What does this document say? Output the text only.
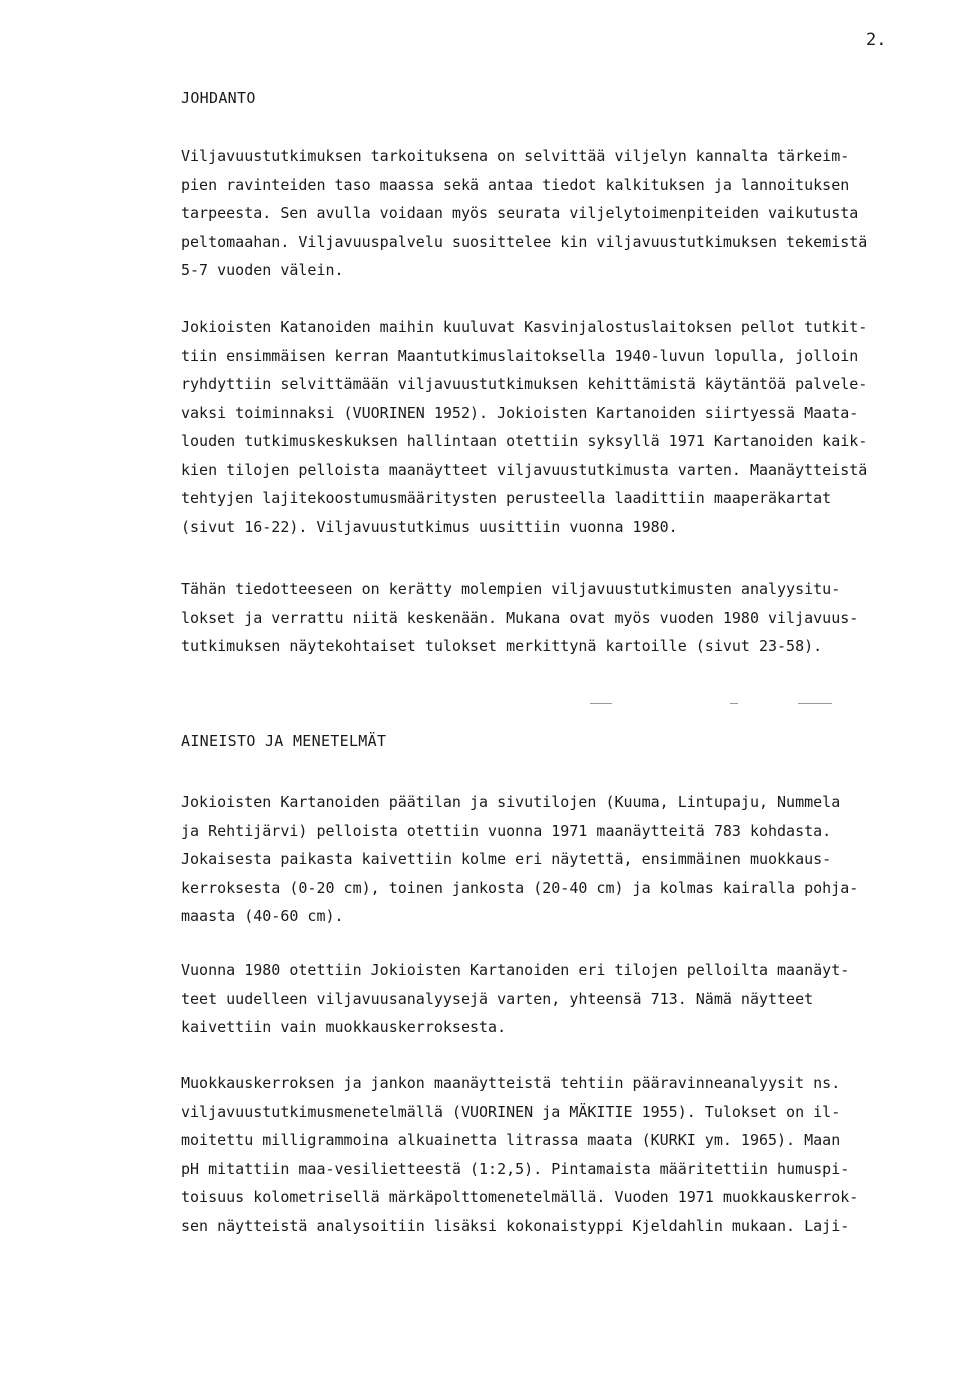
2.
JOHDANTO
Viljavuustutkimuksen tarkoituksena on selvittää viljelyn kannalta tärkeim-
pien ravinteiden taso maassa sekä antaa tiedot kalkituksen ja lannoituksen
tarpeesta. Sen avulla voidaan myös seurata viljelytoimenpiteiden vaikutusta
peltomaahan. Viljavuuspalvelu suosittelee kin viljavuustutkimuksen tekemistä
5-7 vuoden välein.
Jokioisten Katanoiden maihin kuuluvat Kasvinjalostuslaitoksen pellot tutkit-
tiin ensimmäisen kerran Maantutkimuslaitoksella 1940-luvun lopulla, jolloin
ryhdyttiin selvittämään viljavuustutkimuksen kehittämistä käytäntöä palvele-
vaksi toiminnaksi (VUORINEN 1952). Jokioisten Kartanoiden siirtyessä Maata-
louden tutkimuskeskuksen hallintaan otettiin syksyllä 1971 Kartanoiden kaik-
kien tilojen pelloista maanäytteet viljavuustutkimusta varten. Maanäytteistä
tehtyjen lajitekoostumusmääritysten perusteella laadittiin maaperäkartat
(sivut 16-22). Viljavuustutkimus uusittiin vuonna 1980.
Tähän tiedotteeseen on kerätty molempien viljavuustutkimusten analyysitu-
lokset ja verrattu niitä keskenään. Mukana ovat myös vuoden 1980 viljavuus-
tutkimuksen näytekohtaiset tulokset merkittynä kartoille (sivut 23-58).
AINEISTO JA MENETELMÄT
Jokioisten Kartanoiden päätilan ja sivutilojen (Kuuma, Lintupaju, Nummela
ja Rehtijärvi) pelloista otettiin vuonna 1971 maanäytteitä 783 kohdasta.
Jokaisesta paikasta kaivettiin kolme eri näytettä, ensimmäinen muokkaus-
kerroksesta (0-20 cm), toinen jankosta (20-40 cm) ja kolmas kairalla pohja-
maasta (40-60 cm).
Vuonna 1980 otettiin Jokioisten Kartanoiden eri tilojen pelloilta maanäyt-
teet uudelleen viljavuusanalyysejä varten, yhteensä 713. Nämä näytteet
kaivettiin vain muokkauskerroksesta.
Muokkauskerroksen ja jankon maanäytteistä tehtiin pääravinneanalyysit ns.
viljavuustutkimusmenetelmällä (VUORINEN ja MÄKITIE 1955). Tulokset on il-
moitettu milligrammoina alkuainetta litrassa maata (KURKI ym. 1965). Maan
pH mitattiin maa-vesilietteestä (1:2,5). Pintamaista määritettiin humuspi-
toisuus kolometrisellä märkäpolttomenetelmällä. Vuoden 1971 muokkauskerrok-
sen näytteistä analysoitiin lisäksi kokonaistyppi Kjeldahlin mukaan. Laji-
